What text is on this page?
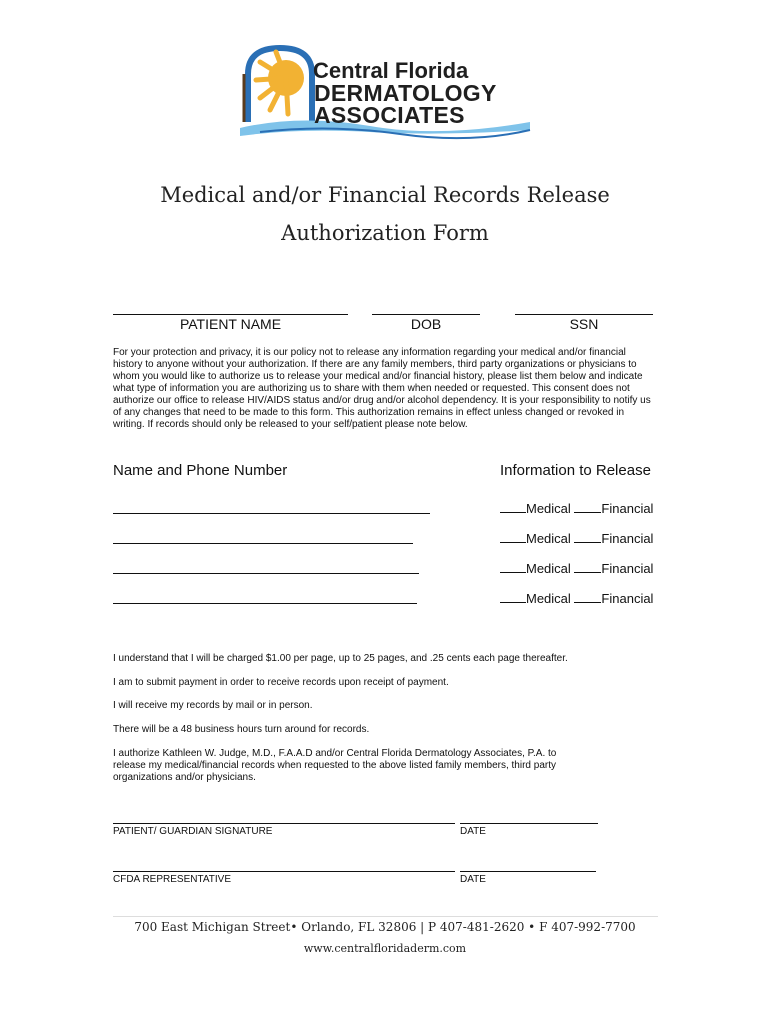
Central Florida
DERMATOLOGY
ASSOCIATES
Medical and/or Financial Records Release
Authorization Form
PATIENT NAME	DOB	SSN
For your protection and privacy, it is our policy not to release any information regarding your medical and/or financial history to anyone without your authorization. If there are any family members, third party organizations or physicians to whom you would like to authorize us to release your medical and/or financial history, please list them below and indicate what type of information you are authorizing us to share with them when needed or requested. This consent does not authorize our office to release HIV/AIDS status and/or drug and/or alcohol dependency. It is your responsibility to notify us of any changes that need to be made to this form. This authorization remains in effect unless changed or revoked in writing. If records should only be released to your self/patient please note below.
Name and Phone Number	Information to Release
Medical Financial
Medical Financial
Medical Financial
Medical Financial
I understand that I will be charged $1.00 per page, up to 25 pages, and .25 cents each page thereafter.
I am to submit payment in order to receive records upon receipt of payment.
I will receive my records by mail or in person.
There will be a 48 business hours turn around for records.
I authorize Kathleen W. Judge, M.D., F.A.A.D and/or Central Florida Dermatology Associates, P.A. to release my medical/financial records when requested to the above listed family members, third party organizations and/or physicians.
PATIENT/ GUARDIAN SIGNATURE	DATE
CFDA REPRESENTATIVE	DATE
700 East Michigan Street• Orlando, FL 32806 | P 407-481-2620 • F 407-992-7700
www.centralfloridaderm.com
